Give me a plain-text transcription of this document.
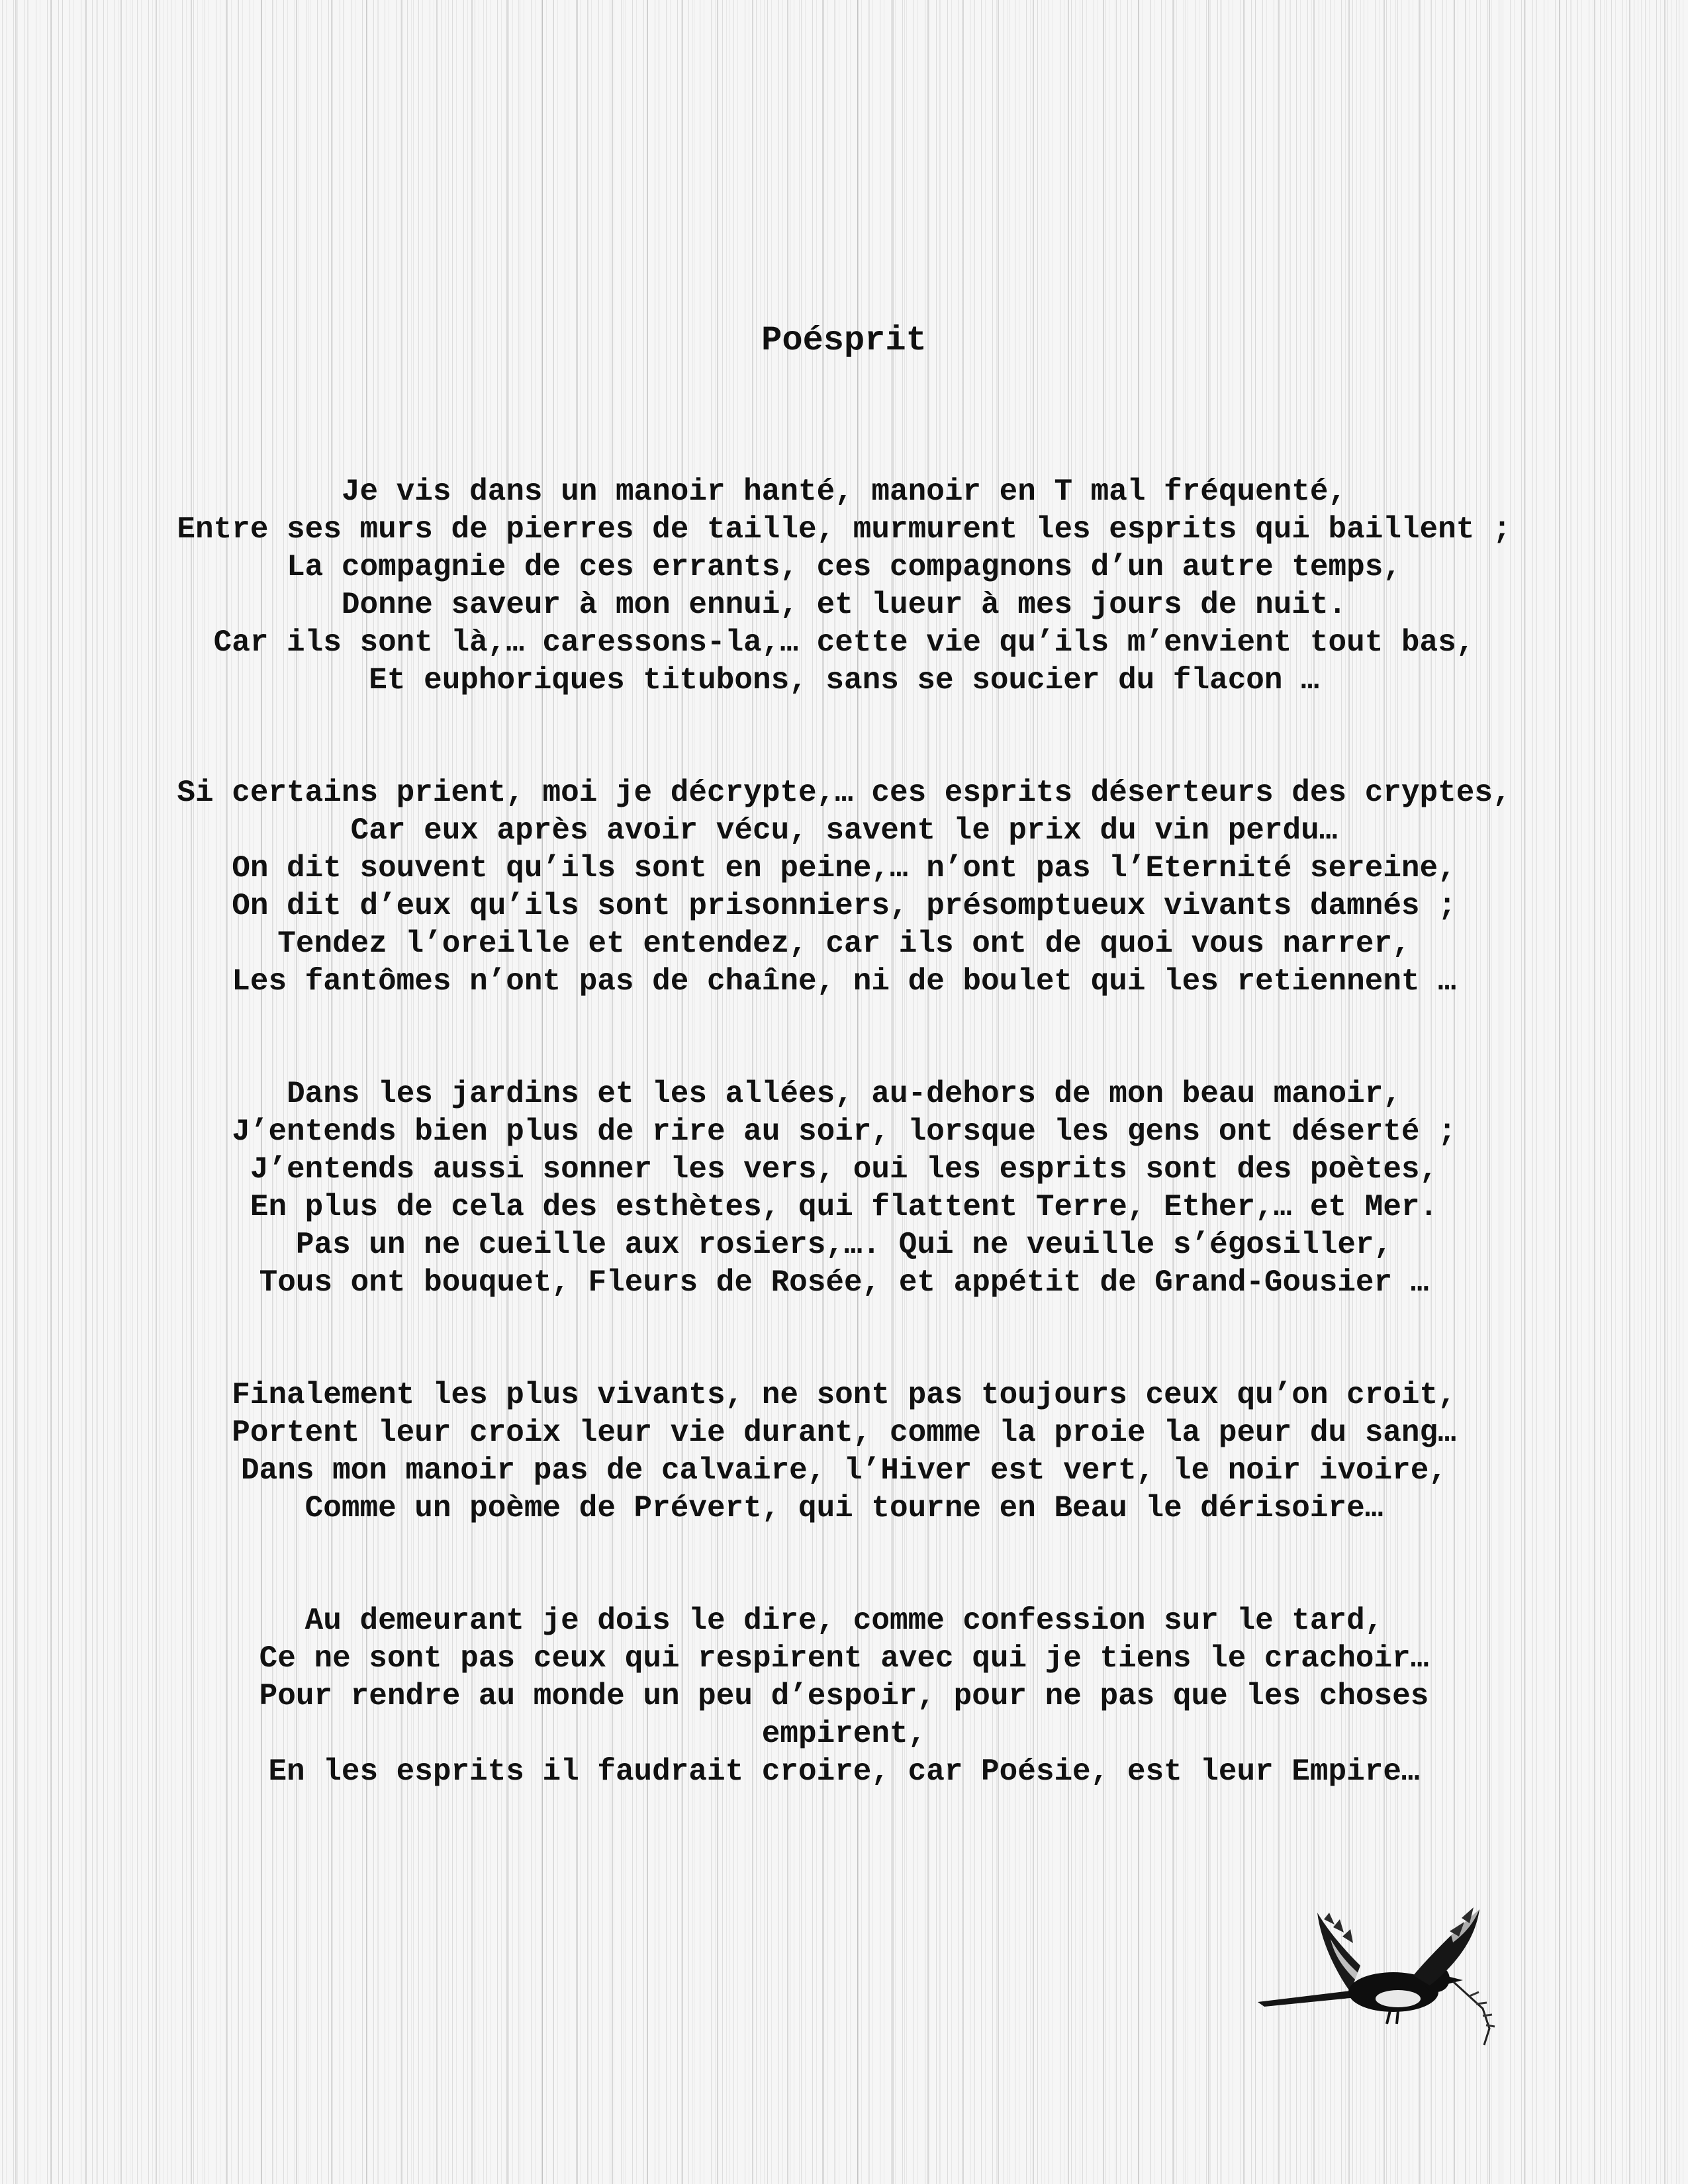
Poésprit
Je vis dans un manoir hanté, manoir en T mal fréquenté,
Entre ses murs de pierres de taille, murmurent les esprits qui baillent ;
La compagnie de ces errants, ces compagnons d’un autre temps,
Donne saveur à mon ennui, et lueur à mes jours de nuit.
Car ils sont là,… caressons-la,… cette vie qu’ils m’envient tout bas,
Et euphoriques titubons, sans se soucier du flacon …
Si certains prient, moi je décrypte,… ces esprits déserteurs des cryptes,
Car eux après avoir vécu, savent le prix du vin perdu…
On dit souvent qu’ils sont en peine,… n’ont pas l’Eternité sereine,
On dit d’eux qu’ils sont prisonniers, présomptueux vivants damnés ;
Tendez l’oreille et entendez, car ils ont de quoi vous narrer,
Les fantômes n’ont pas de chaîne, ni de boulet qui les retiennent …
Dans les jardins et les allées, au-dehors de mon beau manoir,
J’entends bien plus de rire au soir, lorsque les gens ont déserté ;
J’entends aussi sonner les vers, oui les esprits sont des poètes,
En plus de cela des esthètes, qui flattent Terre, Ether,… et Mer.
Pas un ne cueille aux rosiers,…. Qui ne veuille s’égosiller,
Tous ont bouquet, Fleurs de Rosée, et appétit de Grand-Gousier …
Finalement les plus vivants, ne sont pas toujours ceux qu’on croit,
Portent leur croix leur vie durant, comme la proie la peur du sang…
Dans mon manoir pas de calvaire, l’Hiver est vert, le noir ivoire,
Comme un poème de Prévert, qui tourne en Beau le dérisoire…
Au demeurant je dois le dire, comme confession sur le tard,
Ce ne sont pas ceux qui respirent avec qui je tiens le crachoir…
Pour rendre au monde un peu d’espoir, pour ne pas que les choses
empirent,
En les esprits il faudrait croire, car Poésie, est leur Empire…
